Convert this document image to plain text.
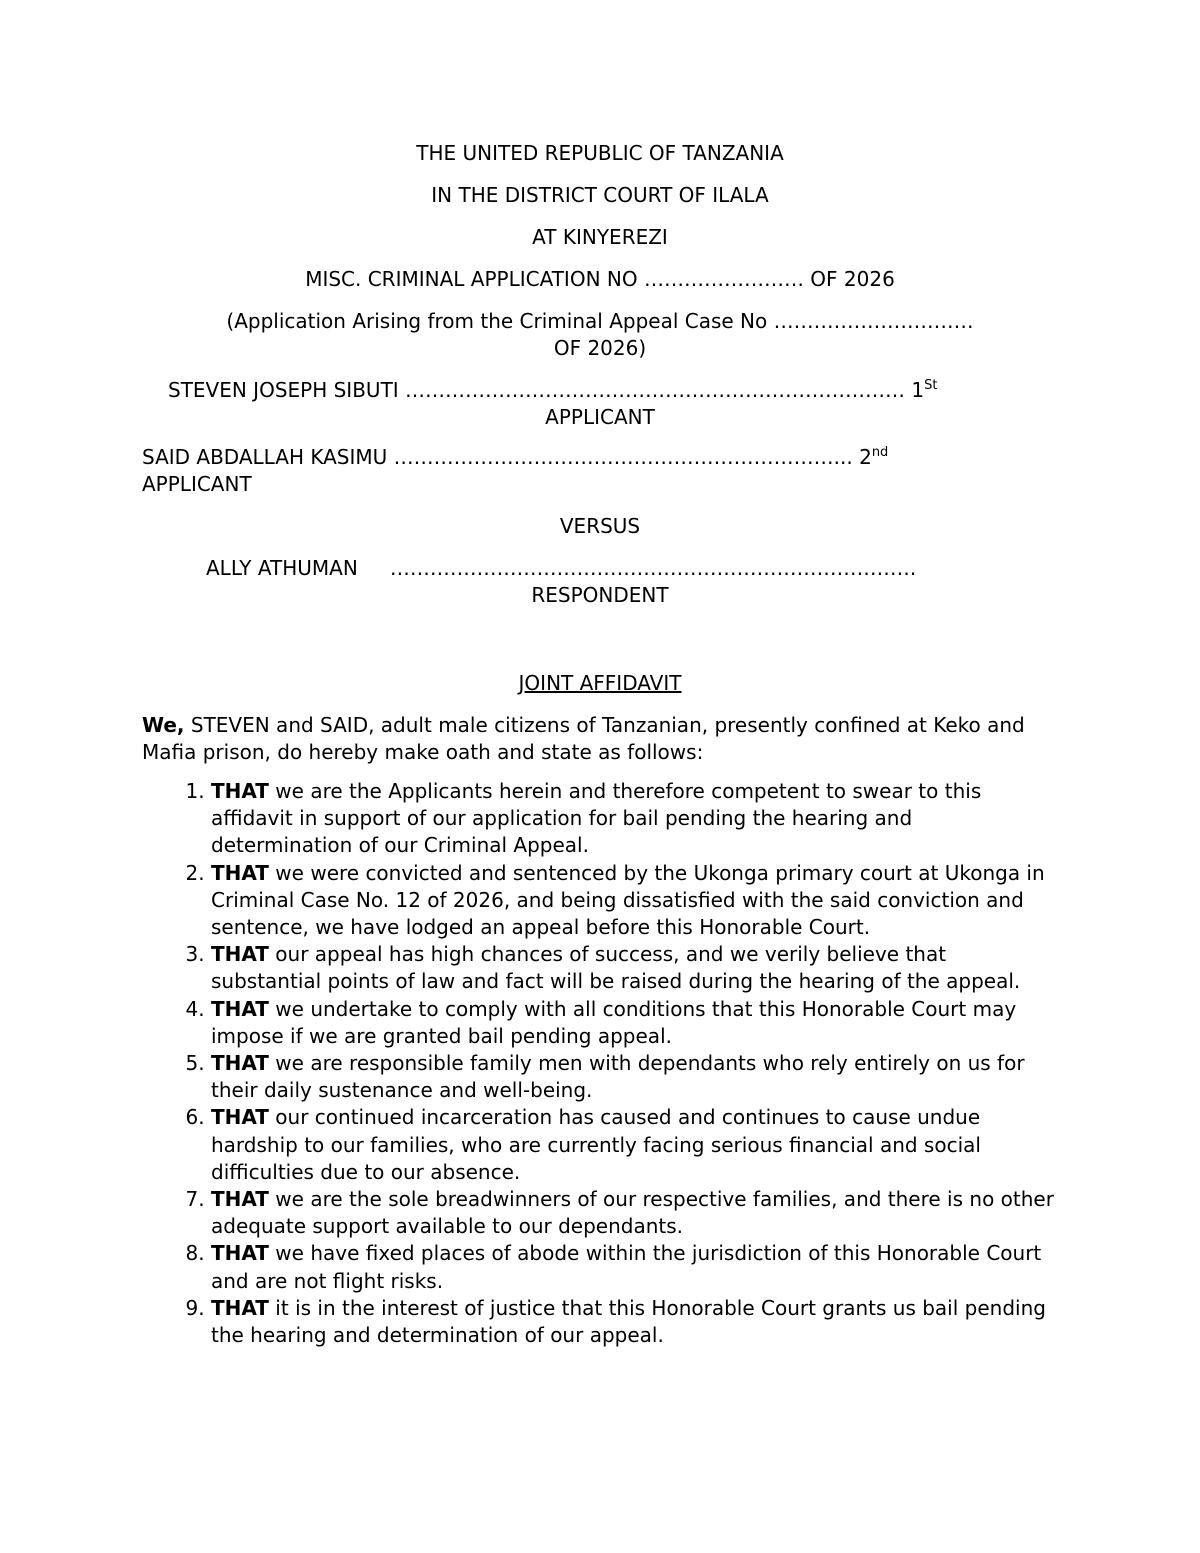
THE UNITED REPUBLIC OF TANZANIA

IN THE DISTRICT COURT OF ILALA

AT KINYEREZI

MISC. CRIMINAL APPLICATION NO …………………… OF 2026

(Application Arising from the Criminal Appeal Case No …………………………

OF 2026)

STEVEN JOSEPH SIBUTI ………………………………………………………………… 1St

APPLICANT

SAID ABDALLAH KASIMU …………………………………………………………... 2nd

APPLICANT

VERSUS

ALLY ATHUMAN …………………………………………………………………….

RESPONDENT

JOINT AFFIDAVIT

We, STEVEN and SAID, adult male citizens of Tanzanian, presently confined at Keko and Mafia prison, do hereby make oath and state as follows:

1. THAT we are the Applicants herein and therefore competent to swear to this affidavit in support of our application for bail pending the hearing and determination of our Criminal Appeal.
2. THAT we were convicted and sentenced by the Ukonga primary court at Ukonga in Criminal Case No. 12 of 2026, and being dissatisfied with the said conviction and sentence, we have lodged an appeal before this Honorable Court.
3. THAT our appeal has high chances of success, and we verily believe that substantial points of law and fact will be raised during the hearing of the appeal.
4. THAT we undertake to comply with all conditions that this Honorable Court may impose if we are granted bail pending appeal.
5. THAT we are responsible family men with dependants who rely entirely on us for their daily sustenance and well-being.
6. THAT our continued incarceration has caused and continues to cause undue hardship to our families, who are currently facing serious financial and social difficulties due to our absence.
7. THAT we are the sole breadwinners of our respective families, and there is no other adequate support available to our dependants.
8. THAT we have fixed places of abode within the jurisdiction of this Honorable Court and are not flight risks.
9. THAT it is in the interest of justice that this Honorable Court grants us bail pending the hearing and determination of our appeal.
